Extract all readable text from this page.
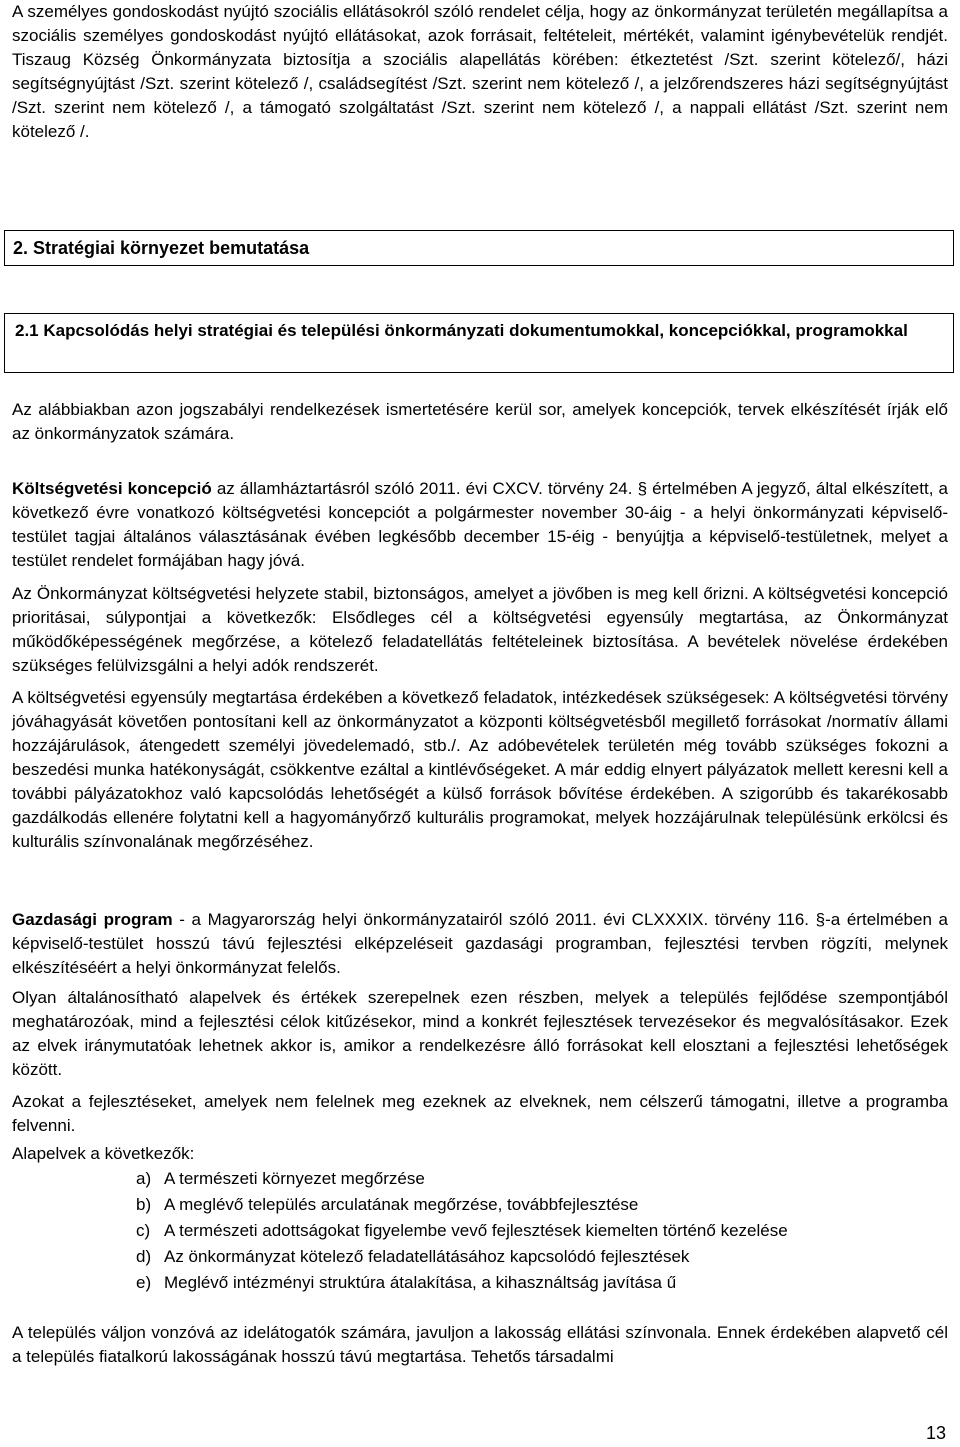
A személyes gondoskodást nyújtó szociális ellátásokról szóló rendelet célja, hogy az önkormányzat területén megállapítsa a szociális személyes gondoskodást nyújtó ellátásokat, azok forrásait, feltételeit, mértékét, valamint igénybevételük rendjét. Tiszaug Község Önkormányzata biztosítja a szociális alapellátás körében: étkeztetést /Szt. szerint kötelező/, házi segítségnyújtást /Szt. szerint kötelező /, családsegítést /Szt. szerint nem kötelező /, a jelzőrendszeres házi segítségnyújtást /Szt. szerint nem kötelező /, a támogató szolgáltatást /Szt. szerint nem kötelező /, a nappali ellátást /Szt. szerint nem kötelező /.

2. Stratégiai környezet bemutatása
2.1 Kapcsolódás helyi stratégiai és települési önkormányzati dokumentumokkal, koncepciókkal, programokkal

Az alábbiakban azon jogszabályi rendelkezések ismertetésére kerül sor, amelyek koncepciók, tervek elkészítését írják elő az önkormányzatok számára.

Költségvetési koncepció az államháztartásról szóló 2011. évi CXCV. törvény 24. § értelmében A jegyző, által elkészített, a következő évre vonatkozó költségvetési koncepciót a polgármester november 30-áig - a helyi önkormányzati képviselő-testület tagjai általános választásának évében legkésőbb december 15-éig - benyújtja a képviselő-testületnek, melyet a testület rendelet formájában hagy jóvá.

Az Önkormányzat költségvetési helyzete stabil, biztonságos, amelyet a jövőben is meg kell őrizni. A költségvetési koncepció prioritásai, súlypontjai a következők: Elsődleges cél a költségvetési egyensúly megtartása, az Önkormányzat működőképességének megőrzése, a kötelező feladatellátás feltételeinek biztosítása. A bevételek növelése érdekében szükséges felülvizsgálni a helyi adók rendszerét.

A költségvetési egyensúly megtartása érdekében a következő feladatok, intézkedések szükségesek: A költségvetési törvény jóváhagyását követően pontosítani kell az önkormányzatot a központi költségvetésből megillető forrásokat /normatív állami hozzájárulások, átengedett személyi jövedelemadó, stb./. Az adóbevételek területén még tovább szükséges fokozni a beszedési munka hatékonyságát, csökkentve ezáltal a kintlévőségeket. A már eddig elnyert pályázatok mellett keresni kell a további pályázatokhoz való kapcsolódás lehetőségét a külső források bővítése érdekében. A szigorúbb és takarékosabb gazdálkodás ellenére folytatni kell a hagyományőrző kulturális programokat, melyek hozzájárulnak településünk erkölcsi és kulturális színvonalának megőrzéséhez.

Gazdasági program - a Magyarország helyi önkormányzatairól szóló 2011. évi CLXXXIX. törvény 116. §-a értelmében a képviselő-testület hosszú távú fejlesztési elképzeléseit gazdasági programban, fejlesztési tervben rögzíti, melynek elkészítéséért a helyi önkormányzat felelős.

Olyan általánosítható alapelvek és értékek szerepelnek ezen részben, melyek a település fejlődése szempontjából meghatározóak, mind a fejlesztési célok kitűzésekor, mind a konkrét fejlesztések tervezésekor és megvalósításakor. Ezek az elvek iránymutatóak lehetnek akkor is, amikor a rendelkezésre álló forrásokat kell elosztani a fejlesztési lehetőségek között.

Azokat a fejlesztéseket, amelyek nem felelnek meg ezeknek az elveknek, nem célszerű támogatni, illetve a programba felvenni.

Alapelvek a következők:

a) A természeti környezet megőrzése
b) A meglévő település arculatának megőrzése, továbbfejlesztése
c) A természeti adottságokat figyelembe vevő fejlesztések kiemelten történő kezelése
d) Az önkormányzat kötelező feladatellátásához kapcsolódó fejlesztések
e) Meglévő intézményi struktúra átalakítása, a kihasználtság javítása ű

A település váljon vonzóvá az idelátogatók számára, javuljon a lakosság ellátási színvonala. Ennek érdekében alapvető cél a település fiatalkorú lakosságának hosszú távú megtartása. Tehetős társadalmi

13
